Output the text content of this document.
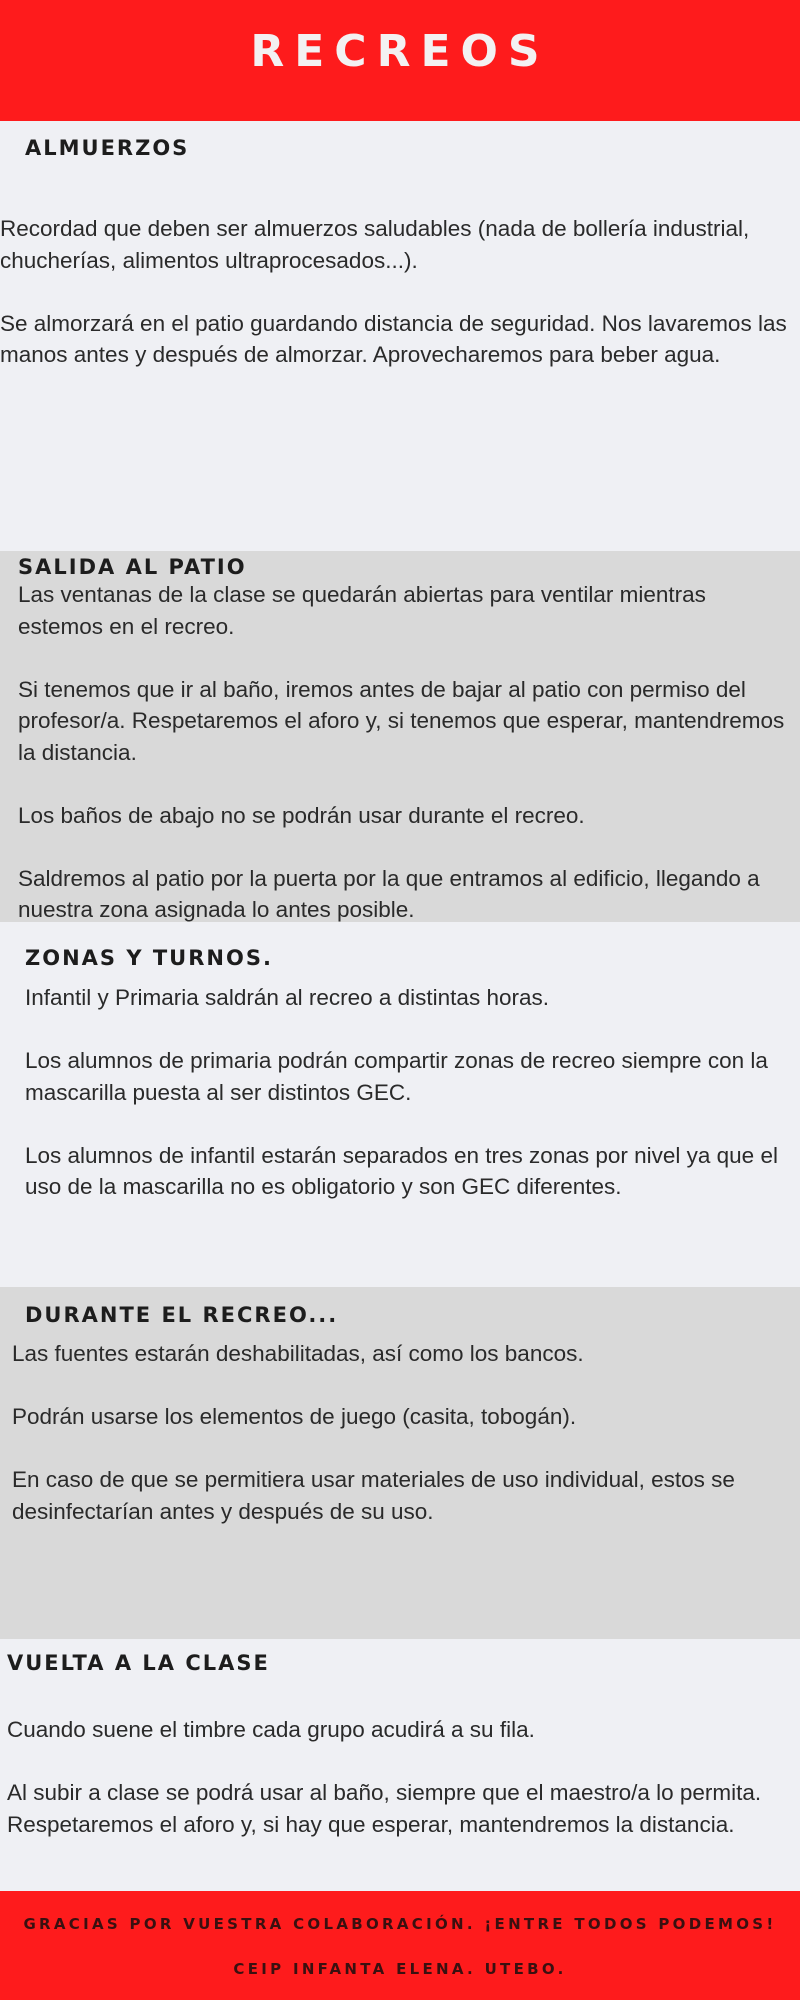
RECREOS
ALMUERZOS

Recordad que deben ser almuerzos saludables (nada de bollería industrial, chucherías, alimentos ultraprocesados...).

Se almorzará en el patio guardando distancia de seguridad. Nos lavaremos las manos antes y después de almorzar. Aprovecharemos para beber agua.

SALIDA AL PATIO

Las ventanas de la clase se quedarán abiertas para ventilar mientras estemos en el recreo.

Si tenemos que ir al baño, iremos antes de bajar al patio con permiso del profesor/a. Respetaremos el aforo y, si tenemos que esperar, mantendremos la distancia.

Los baños de abajo no se podrán usar durante el recreo.

Saldremos al patio por la puerta por la que entramos al edificio, llegando a nuestra zona asignada lo antes posible.

ZONAS Y TURNOS.

Infantil y Primaria saldrán al recreo a distintas horas.

Los alumnos de primaria podrán compartir zonas de recreo siempre con la mascarilla puesta al ser distintos GEC.

Los alumnos de infantil estarán separados en tres zonas por nivel ya que el uso de la mascarilla no es obligatorio y son GEC diferentes.

DURANTE EL RECREO...

Las fuentes estarán deshabilitadas, así como los bancos.

Podrán usarse los elementos de juego (casita, tobogán).

En caso de que se permitiera usar materiales de uso individual, estos se desinfectarían antes y después de su uso.

VUELTA A LA CLASE

Cuando suene el timbre cada grupo acudirá a su fila.

Al subir a clase se podrá usar al baño, siempre que el maestro/a lo permita. Respetaremos el aforo y, si hay que esperar, mantendremos la distancia.

GRACIAS POR VUESTRA COLABORACIÓN. ¡ENTRE TODOS PODEMOS!
CEIP INFANTA ELENA. UTEBO.
